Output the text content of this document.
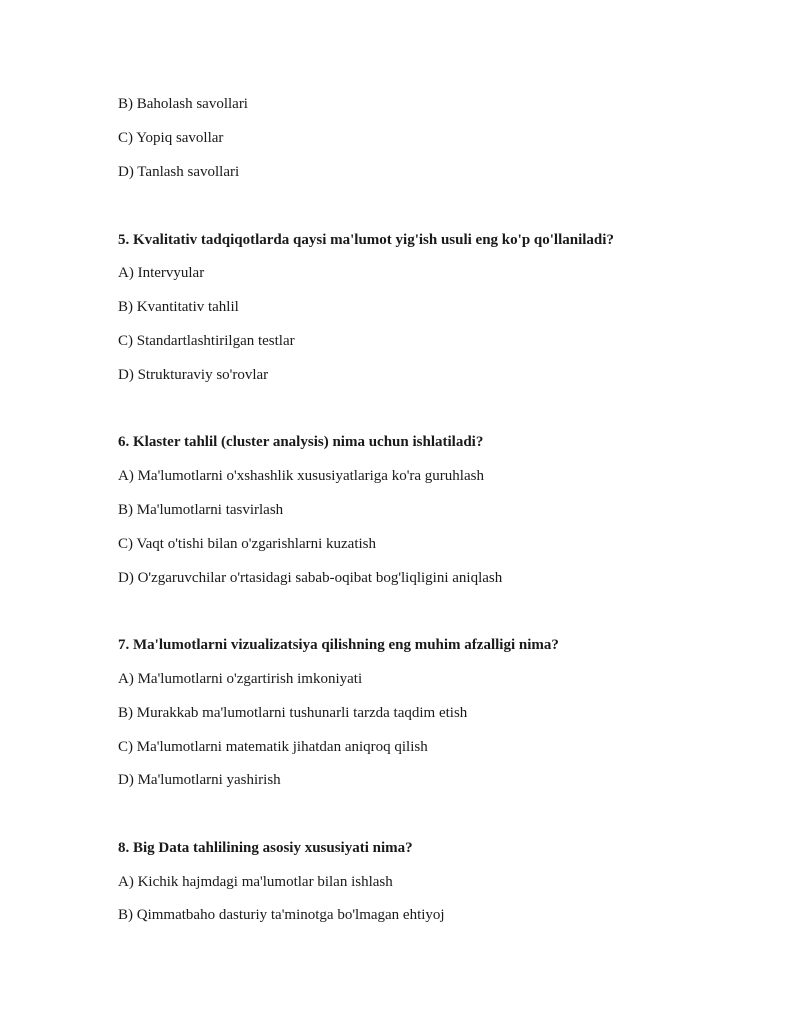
B) Baholash savollari
C) Yopiq savollar
D) Tanlash savollari
5. Kvalitativ tadqiqotlarda qaysi ma'lumot yig'ish usuli eng ko'p qo'llaniladi?
A) Intervyular
B) Kvantitativ tahlil
C) Standartlashtirilgan testlar
D) Strukturaviy so'rovlar
6. Klaster tahlil (cluster analysis) nima uchun ishlatiladi?
A) Ma'lumotlarni o'xshashlik xususiyatlariga ko'ra guruhlash
B) Ma'lumotlarni tasvirlash
C) Vaqt o'tishi bilan o'zgarishlarni kuzatish
D) O'zgaruvchilar o'rtasidagi sabab-oqibat bog'liqligini aniqlash
7. Ma'lumotlarni vizualizatsiya qilishning eng muhim afzalligi nima?
A) Ma'lumotlarni o'zgartirish imkoniyati
B) Murakkab ma'lumotlarni tushunarli tarzda taqdim etish
C) Ma'lumotlarni matematik jihatdan aniqroq qilish
D) Ma'lumotlarni yashirish
8. Big Data tahlilining asosiy xususiyati nima?
A) Kichik hajmdagi ma'lumotlar bilan ishlash
B) Qimmatbaho dasturiy ta'minotga bo'lmagan ehtiyoj
